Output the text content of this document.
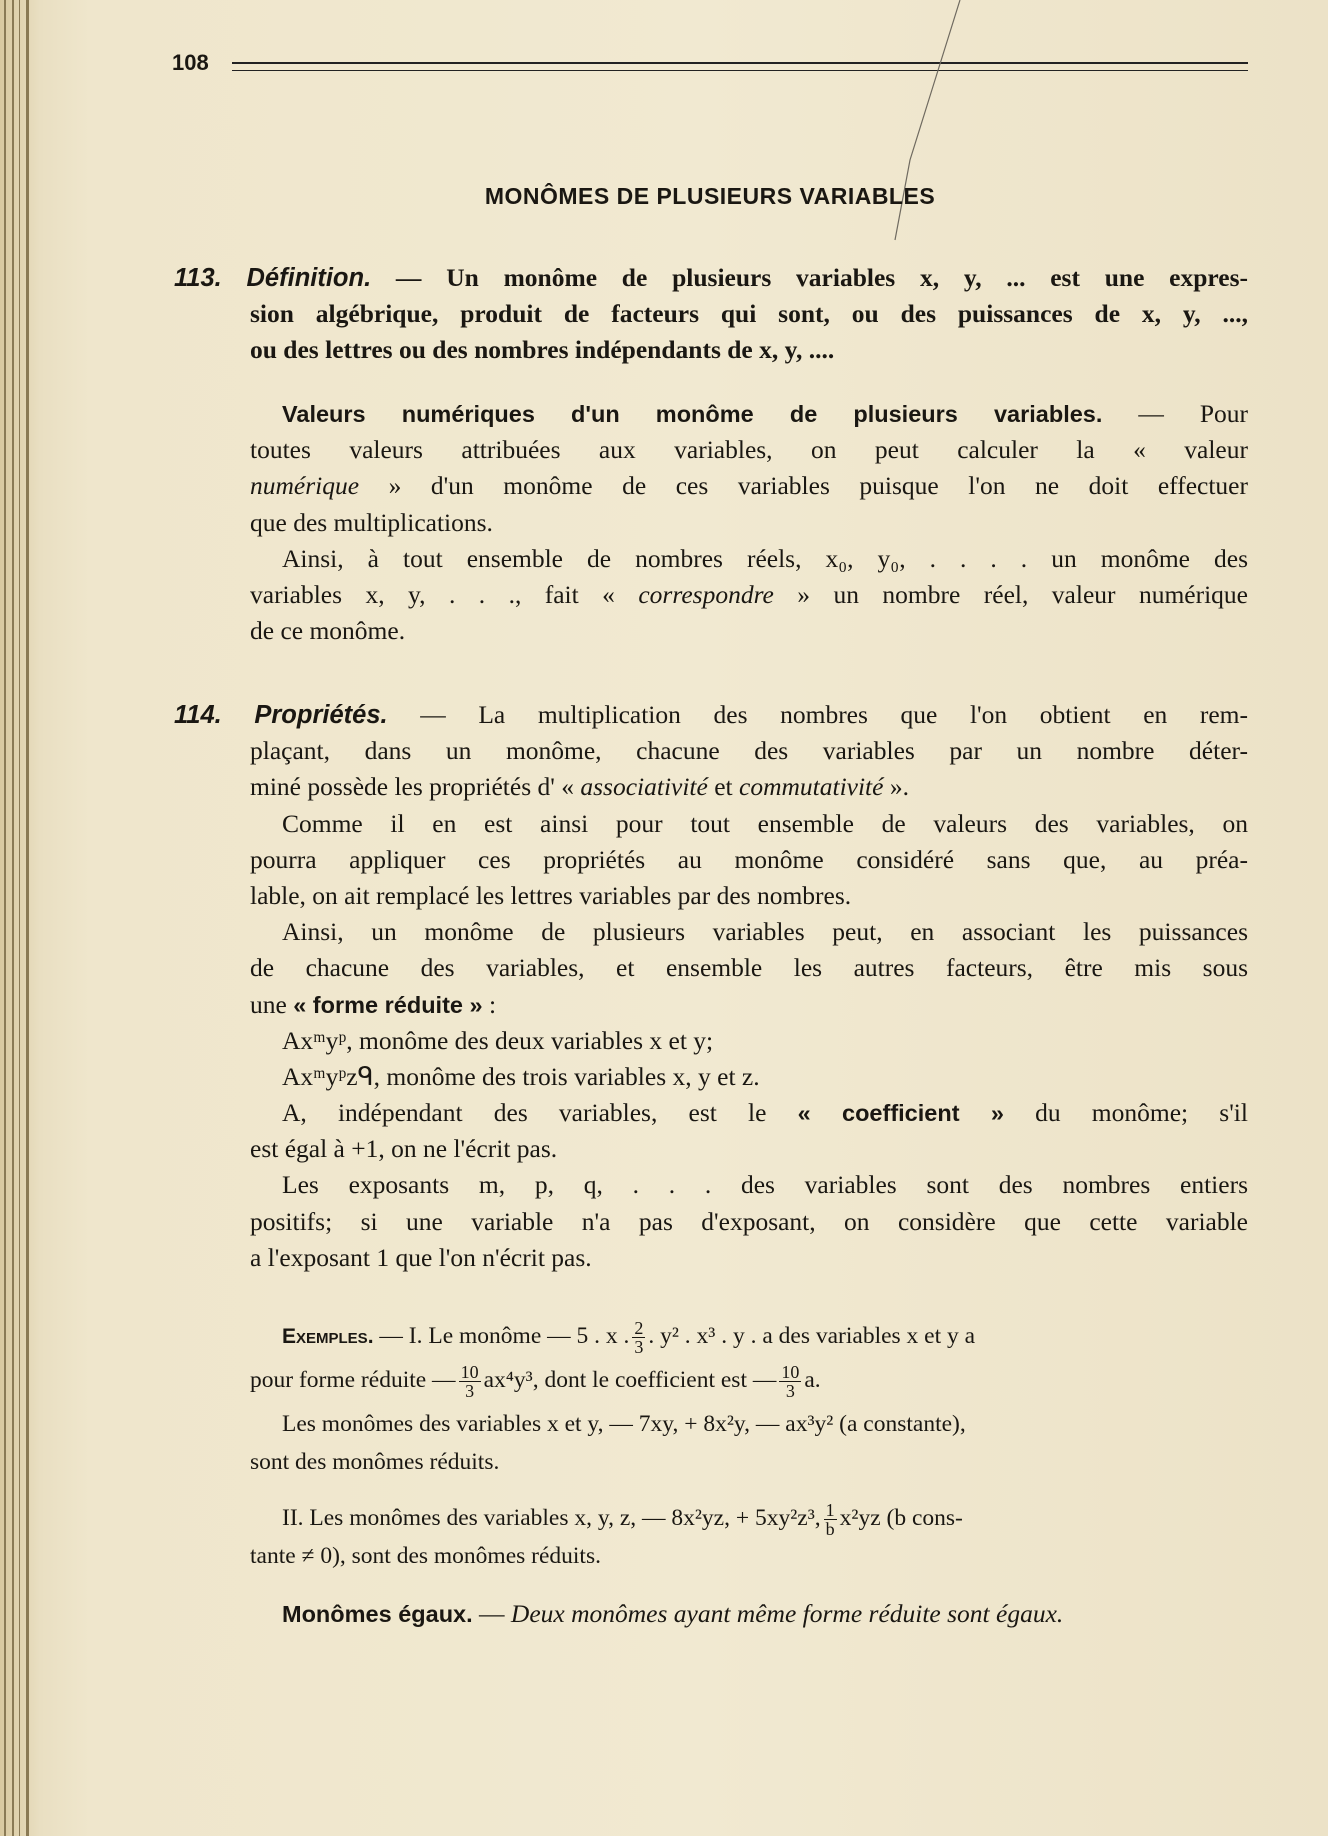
108
MONÔMES DE PLUSIEURS VARIABLES
113. Définition. — Un monôme de plusieurs variables x, y, ... est une expres-
sion algébrique, produit de facteurs qui sont, ou des puissances de x, y, ...,
ou des lettres ou des nombres indépendants de x, y, ....
Valeurs numériques d'un monôme de plusieurs variables. — Pour
toutes valeurs attribuées aux variables, on peut calculer la « valeur
numérique » d'un monôme de ces variables puisque l'on ne doit effectuer
que des multiplications.
Ainsi, à tout ensemble de nombres réels, x₀, y₀, . . . . un monôme des
variables x, y, . . ., fait « correspondre » un nombre réel, valeur numérique
de ce monôme.
114. Propriétés. — La multiplication des nombres que l'on obtient en rem-
plaçant, dans un monôme, chacune des variables par un nombre déter-
miné possède les propriétés d' « associativité et commutativité ».
Comme il en est ainsi pour tout ensemble de valeurs des variables, on
pourra appliquer ces propriétés au monôme considéré sans que, au préa-
lable, on ait remplacé les lettres variables par des nombres.
Ainsi, un monôme de plusieurs variables peut, en associant les puissances
de chacune des variables, et ensemble les autres facteurs, être mis sous
une « forme réduite » :
Axᵐyᵖ, monôme des deux variables x et y;
Axᵐyᵖzᑫ, monôme des trois variables x, y et z.
A, indépendant des variables, est le « coefficient » du monôme; s'il
est égal à +1, on ne l'écrit pas.
Les exposants m, p, q, . . . des variables sont des nombres entiers
positifs; si une variable n'a pas d'exposant, on considère que cette variable
a l'exposant 1 que l'on n'écrit pas.
Exemples. — I. Le monôme — 5 . x . $\frac{2}{3}$ . y² . x³ . y . a des variables x et y a
pour forme réduite — $\frac{10}{3} ax^4y^3$, dont le coefficient est — $\frac{10}{3} a$.
Les monômes des variables x et y, — 7xy, + 8x²y, — ax³y² (a constante),
sont des monômes réduits.
II. Les monômes des variables x, y, z, — 8x²yz, + 5xy²z³, $\frac{1}{b} x^2yz$ (b cons-
tante ≠ 0), sont des monômes réduits.
Monômes égaux. — Deux monômes ayant même forme réduite sont égaux.
